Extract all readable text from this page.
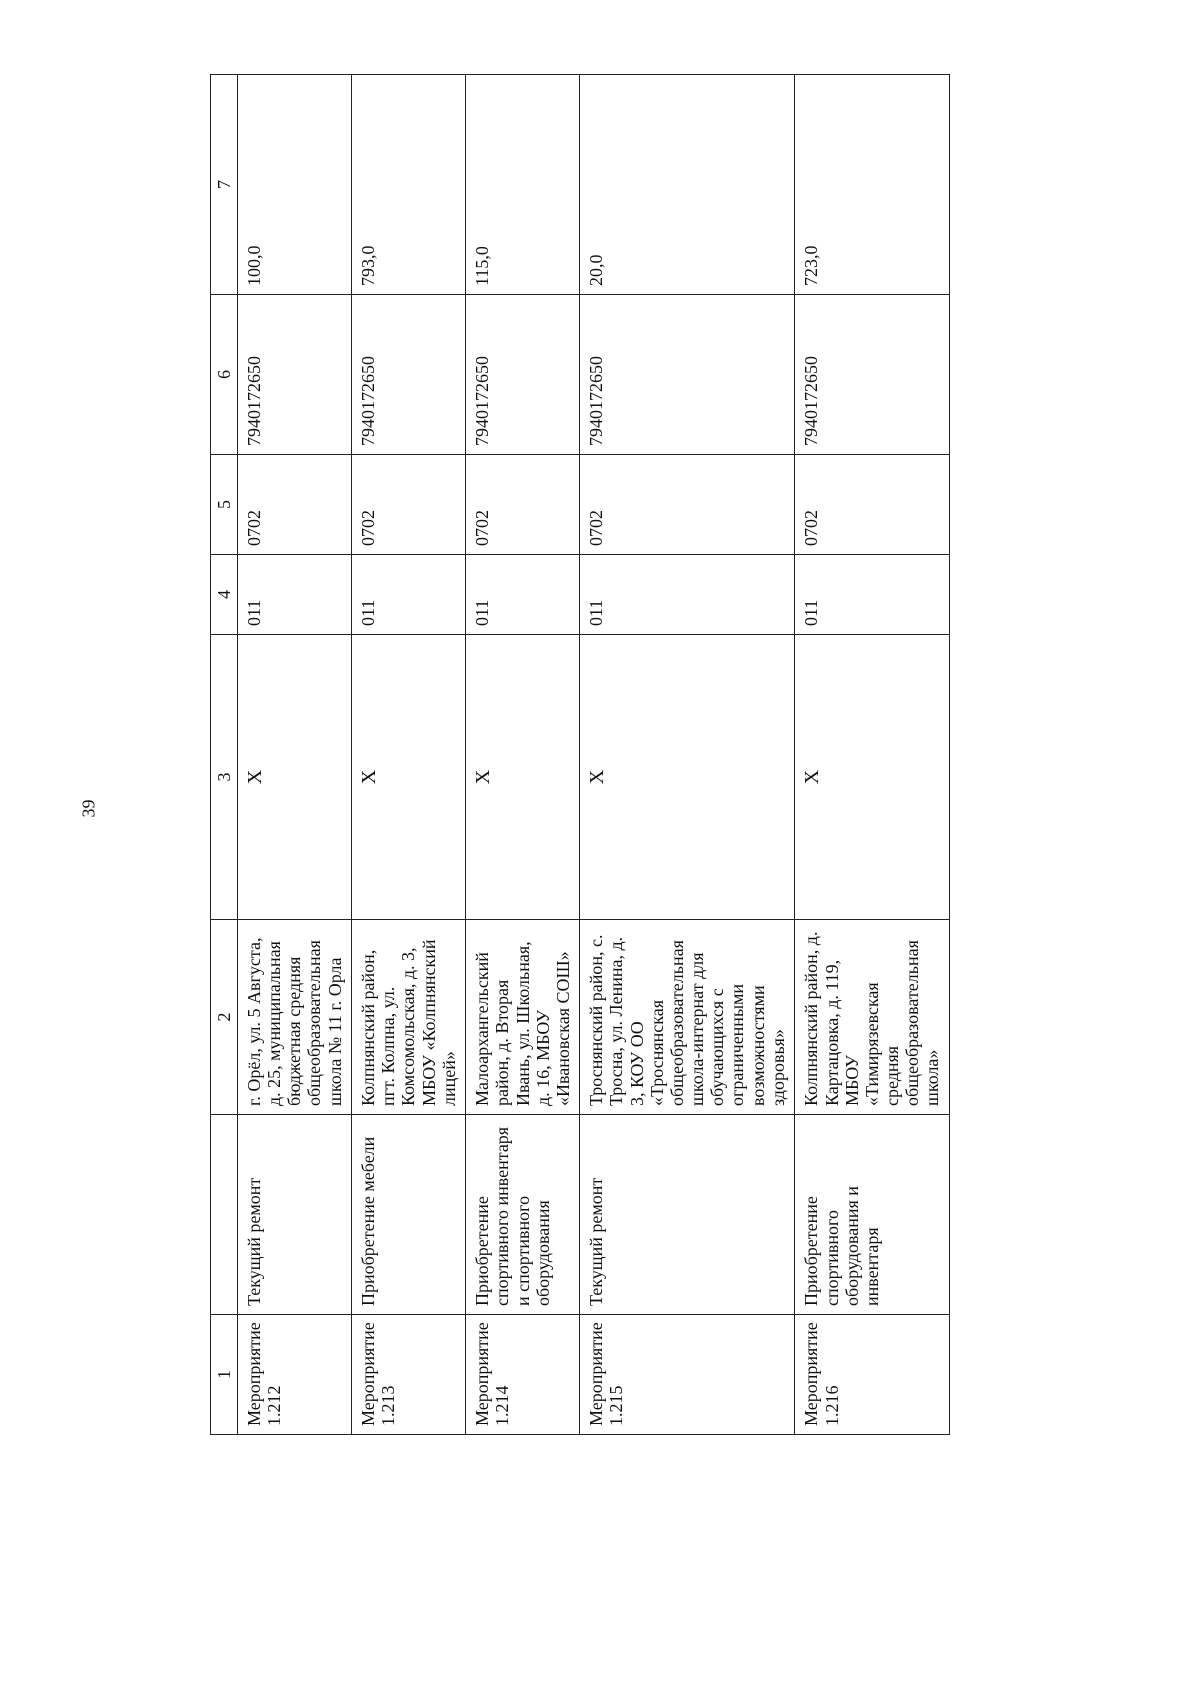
39
1		2	3	4	5	6	7
Мероприятие 1.212	Текущий ремонт	г. Орёл, ул. 5 Августа, д. 25, муниципальная бюджетная средняя общеобразовательная школа № 11 г. Орла	X	011	0702	7940172650	100,0
Мероприятие 1.213	Приобретение мебели	Колпнянский район, пгт. Колпна, ул. Комсомольская, д. 3, МБОУ «Колпнянский лицей»	X	011	0702	7940172650	793,0
Мероприятие 1.214	Приобретение спортивного инвентаря и спортивного оборудования	Малоархангельский район, д. Вторая Ивань, ул. Школьная, д. 16, МБОУ «Ивановская СОШ»	X	011	0702	7940172650	115,0
Мероприятие 1.215	Текущий ремонт	Троснянский район, с. Тросна, ул. Ленина, д. 3, КОУ ОО «Троснянская общеобразовательная школа-интернат для обучающихся с ограниченными возможностями здоровья»	X	011	0702	7940172650	20,0
Мероприятие 1.216	Приобретение спортивного оборудования и инвентаря	Колпнянский район, д. Картацовка, д. 119, МБОУ «Тимирязевская средняя общеобразовательная школа»	X	011	0702	7940172650	723,0
